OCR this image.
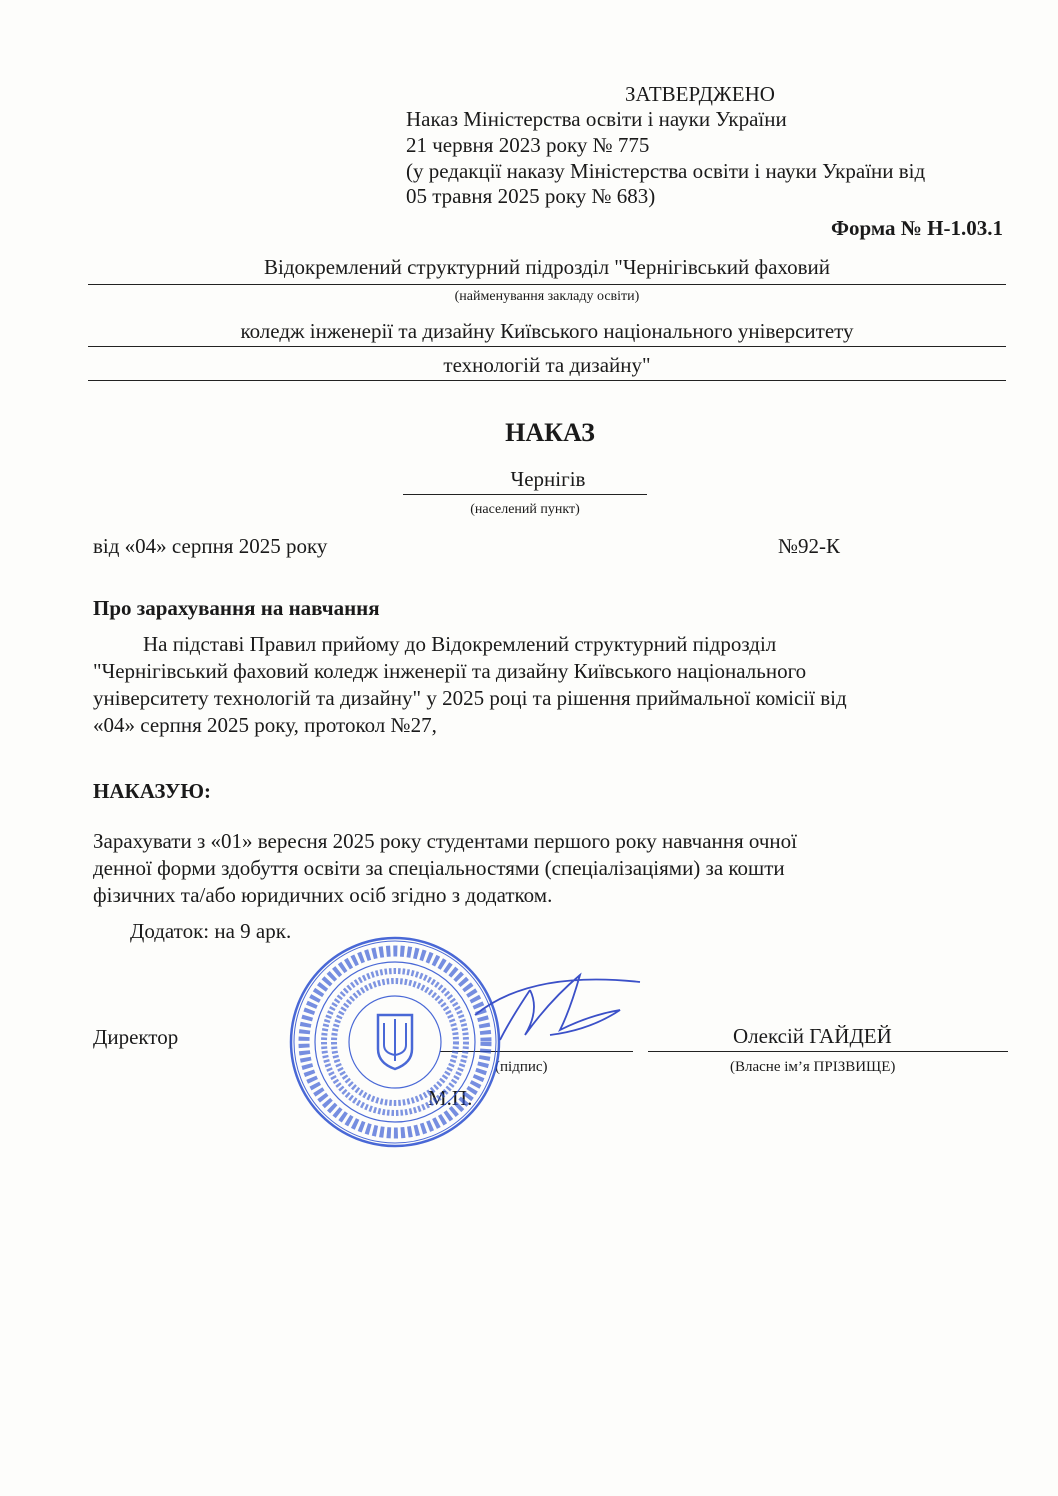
ЗАТВЕРДЖЕНО
Наказ Міністерства освіти і науки України
21 червня 2023 року № 775
(у редакції наказу Міністерства освіти і науки України від
05 травня 2025 року № 683)
Форма № Н-1.03.1
Відокремлений структурний підрозділ "Чернігівський фаховий
(найменування закладу освіти)
коледж інженерії та дизайну Київського національного університету
технологій та дизайну"
НАКАЗ
Чернігів
(населений пункт)
від «04» серпня 2025 року	№92-К
Про зарахування на навчання
На підставі Правил прийому до Відокремлений структурний підрозділ
"Чернігівський фаховий коледж інженерії та дизайну Київського національного
університету технологій та дизайну" у 2025 році та рішення приймальної комісії від
«04» серпня 2025 року, протокол №27,
НАКАЗУЮ:
Зарахувати з «01» вересня 2025 року студентами першого року навчання очної
денної форми здобуття освіти за спеціальностями (спеціалізаціями) за кошти
фізичних та/або юридичних осіб згідно з додатком.
Додаток: на 9 арк.
Директор
(підпис)
Олексій ГАЙДЕЙ
(Власне ім’я ПРІЗВИЩЕ)
М.П.
